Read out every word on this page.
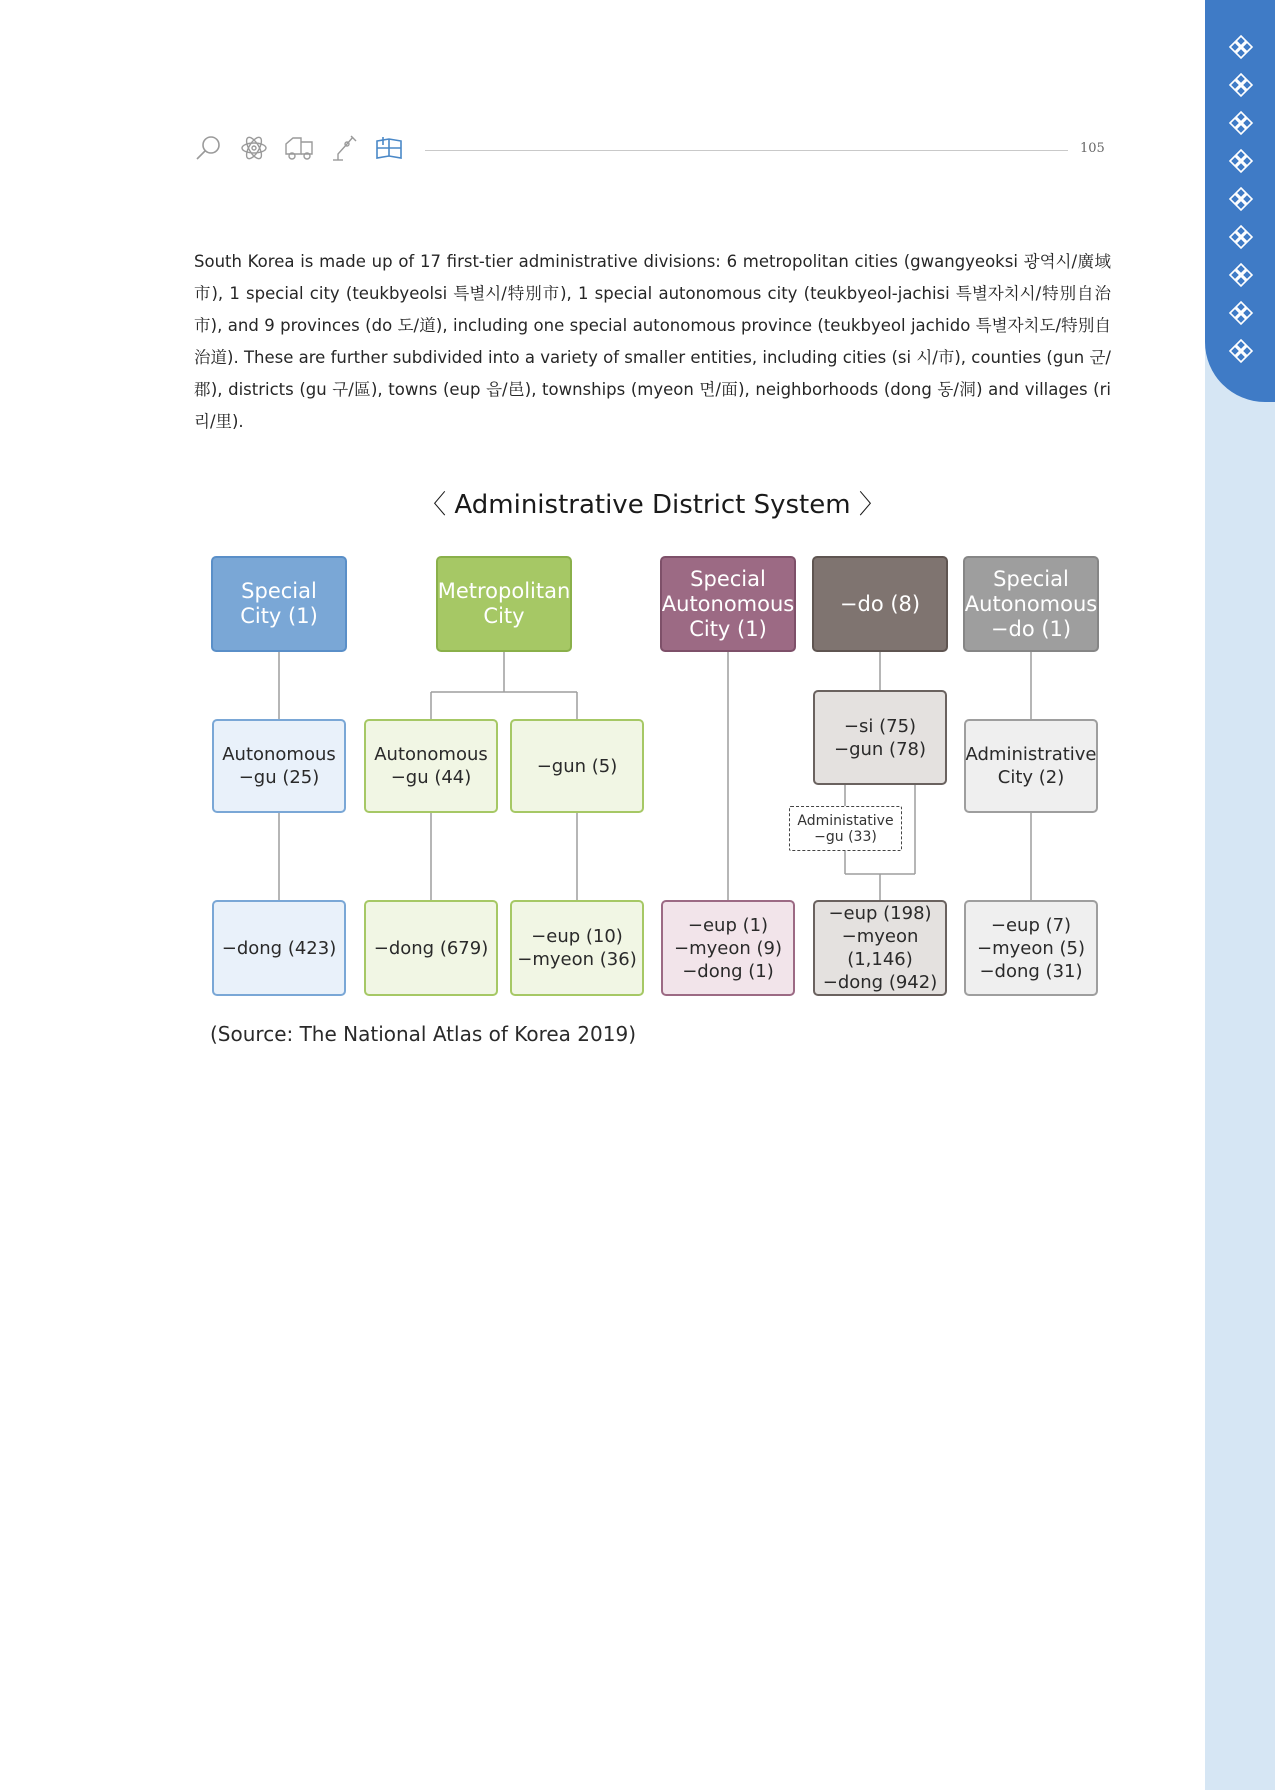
105

South Korea is made up of 17 first-tier administrative divisions: 6 metropolitan cities (gwangyeoksi 광역시/廣域市), 1 special city (teukbyeolsi 특별시/特別市), 1 special autonomous city (teukbyeol-jachisi 특별자치시/特別自治市), and 9 provinces (do 도/道), including one special autonomous province (teukbyeol jachido 특별자치도/特別自治道). These are further subdivided into a variety of smaller entities, including cities (si 시/市), counties (gun 군/郡), districts (gu 구/區), towns (eup 읍/邑), townships (myeon 면/面), neighborhoods (dong 동/洞) and villages (ri 리/里).

〈 Administrative District System 〉
Special
City (1)
Metropolitan
City
Special
Autonomous
City (1)
−do (8)
Special
Autonomous
−do (1)
Autonomous
−gu (25)
Autonomous
−gu (44)
−gun (5)
−si (75)
−gun (78)
Administative
−gu (33)
Administrative
City (2)
−dong (423)	−dong (679)
−eup (10)
−myeon (36)
−eup (1)
−myeon (9)
−dong (1)
−eup (198)
−myeon (1,146)
−dong (942)
−eup (7)
−myeon (5)
−dong (31)
(Source: The National Atlas of Korea 2019)
